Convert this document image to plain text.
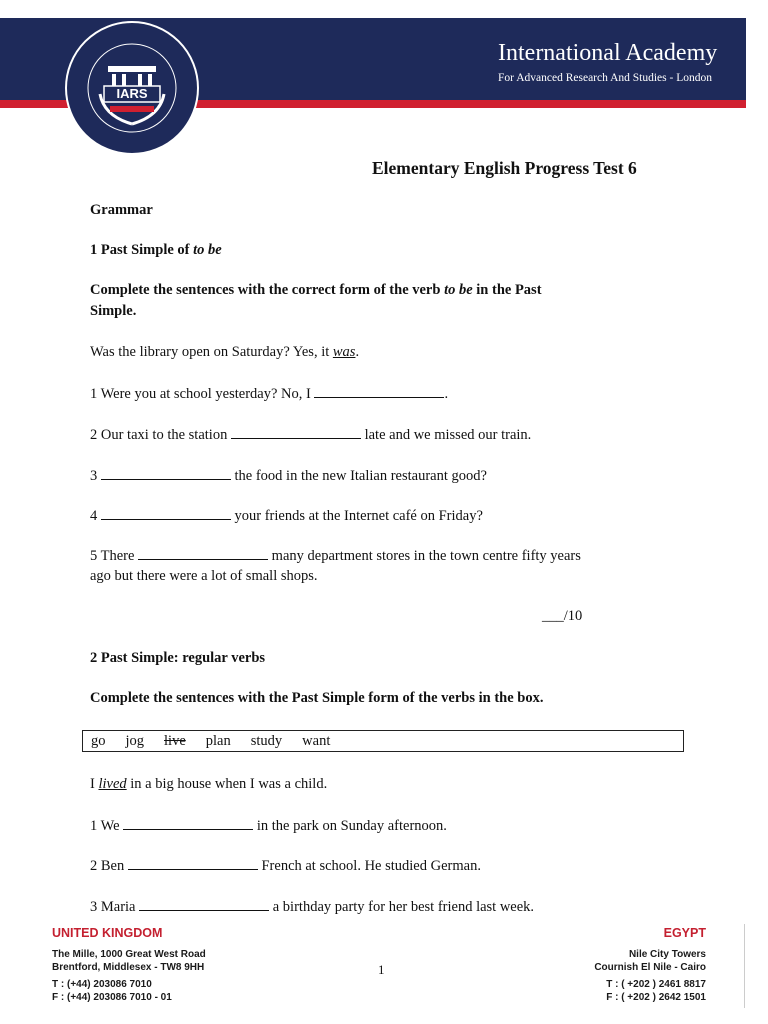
International Academy
For Advanced Research And Studies - London
IARS
Elementary English Progress Test 6
Grammar
1 Past Simple of to be
Complete the sentences with the correct form of the verb to be in the Past
Simple.
Was the library open on Saturday? Yes, it was.
1 Were you at school yesterday? No, I	.
2 Our taxi to the station	late and we missed our train.
3	the food in the new Italian restaurant good?
4	your friends at the Internet café on Friday?
5 There	many department stores in the town centre fifty years
ago but there were a lot of small shops.
___/10
2 Past Simple: regular verbs
Complete the sentences with the Past Simple form of the verbs in the box.
go jog live plan study want
I lived in a big house when I was a child.
1 We	in the park on Sunday afternoon.
2 Ben	French at school. He studied German.
3 Maria	a birthday party for her best friend last week.
UNITED KINGDOM
The Mille, 1000 Great West Road
Brentford, Middlesex - TW8 9HH
T : (+44) 203086 7010
F : (+44) 203086 7010 - 01
1
EGYPT
Nile City Towers
Cournish El Nile - Cairo
T : ( +202 ) 2461 8817
F : ( +202 ) 2642 1501
